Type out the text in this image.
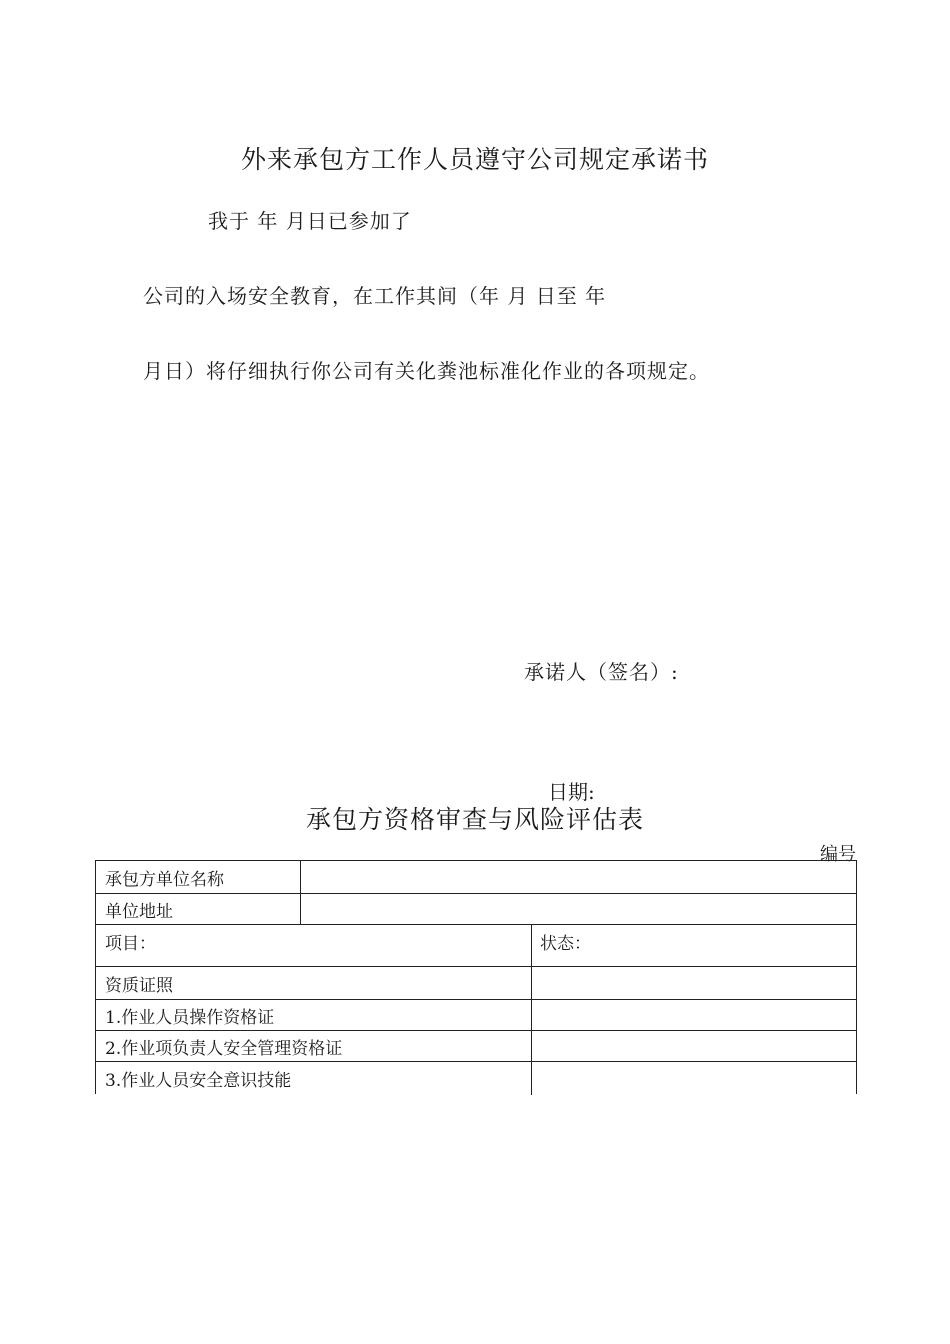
外来承包方工作人员遵守公司规定承诺书
我于 年 月日已参加了
公司的入场安全教育，在工作其间（年 月 日至 年
月日）将仔细执行你公司有关化粪池标准化作业的各项规定。
承诺人（签名）:
日期:
承包方资格审查与风险评估表
编号
承包方单位名称
单位地址
项目：	状态：
资质证照
1.作业人员操作资格证
2.作业项负责人安全管理资格证
3.作业人员安全意识技能
